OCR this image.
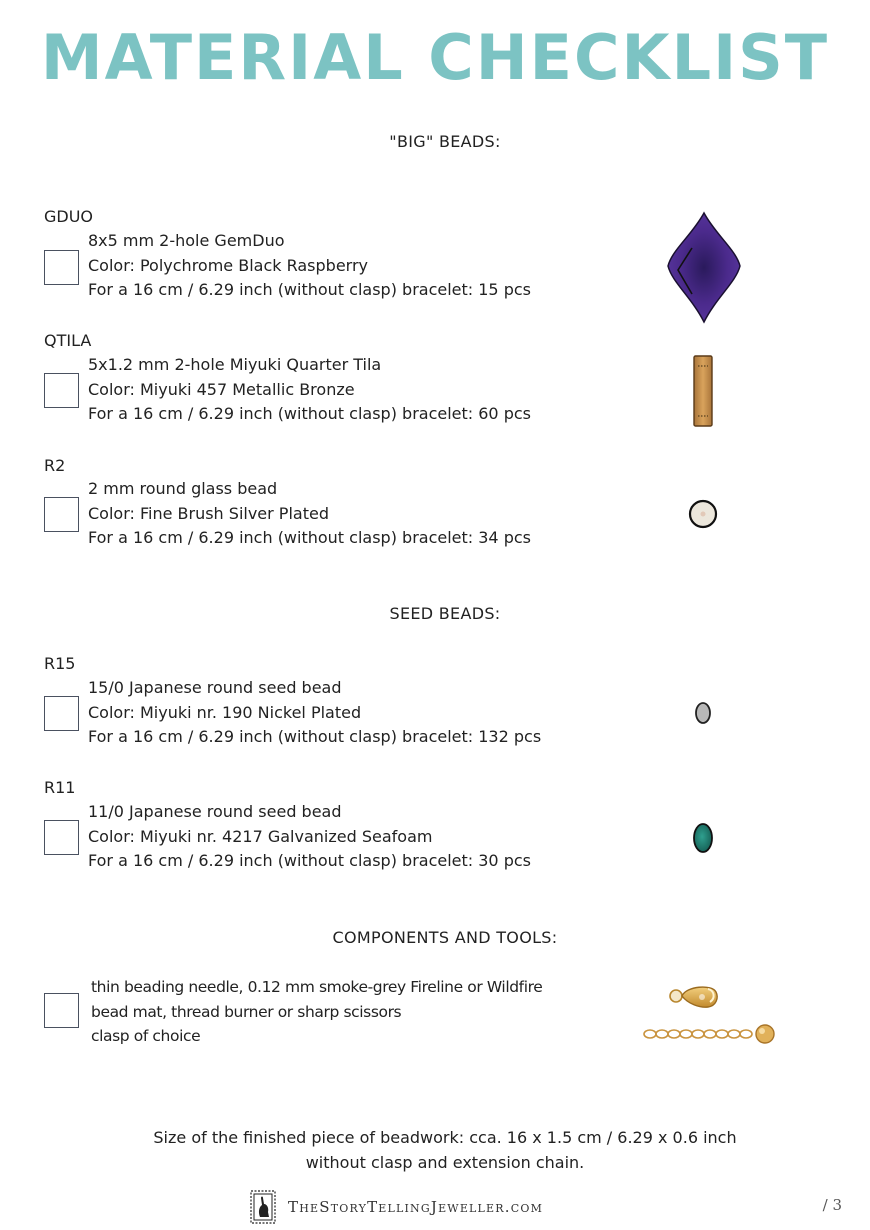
MATERIAL CHECKLIST
"BIG" BEADS:
GDUO
8x5 mm 2-hole GemDuo
Color: Polychrome Black Raspberry
For a 16 cm / 6.29 inch (without clasp) bracelet: 15 pcs
QTILA
5x1.2 mm 2-hole Miyuki Quarter Tila
Color: Miyuki 457 Metallic Bronze
For a 16 cm / 6.29 inch (without clasp) bracelet: 60 pcs
R2
2 mm round glass bead
Color: Fine Brush Silver Plated
For a 16 cm / 6.29 inch (without clasp) bracelet: 34 pcs
SEED BEADS:
R15
15/0 Japanese round seed bead
Color: Miyuki nr. 190 Nickel Plated
For a 16 cm / 6.29 inch (without clasp) bracelet: 132 pcs
R11
11/0 Japanese round seed bead
Color: Miyuki nr. 4217 Galvanized Seafoam
For a 16 cm / 6.29 inch (without clasp) bracelet: 30 pcs
COMPONENTS AND TOOLS:
thin beading needle, 0.12 mm smoke-grey Fireline or Wildfire
bead mat, thread burner or sharp scissors
clasp of choice
Size of the finished piece of beadwork: cca. 16 x 1.5 cm / 6.29 x 0.6 inch
without clasp and extension chain.
TheStoryTellingJeweller.com	/ 3
